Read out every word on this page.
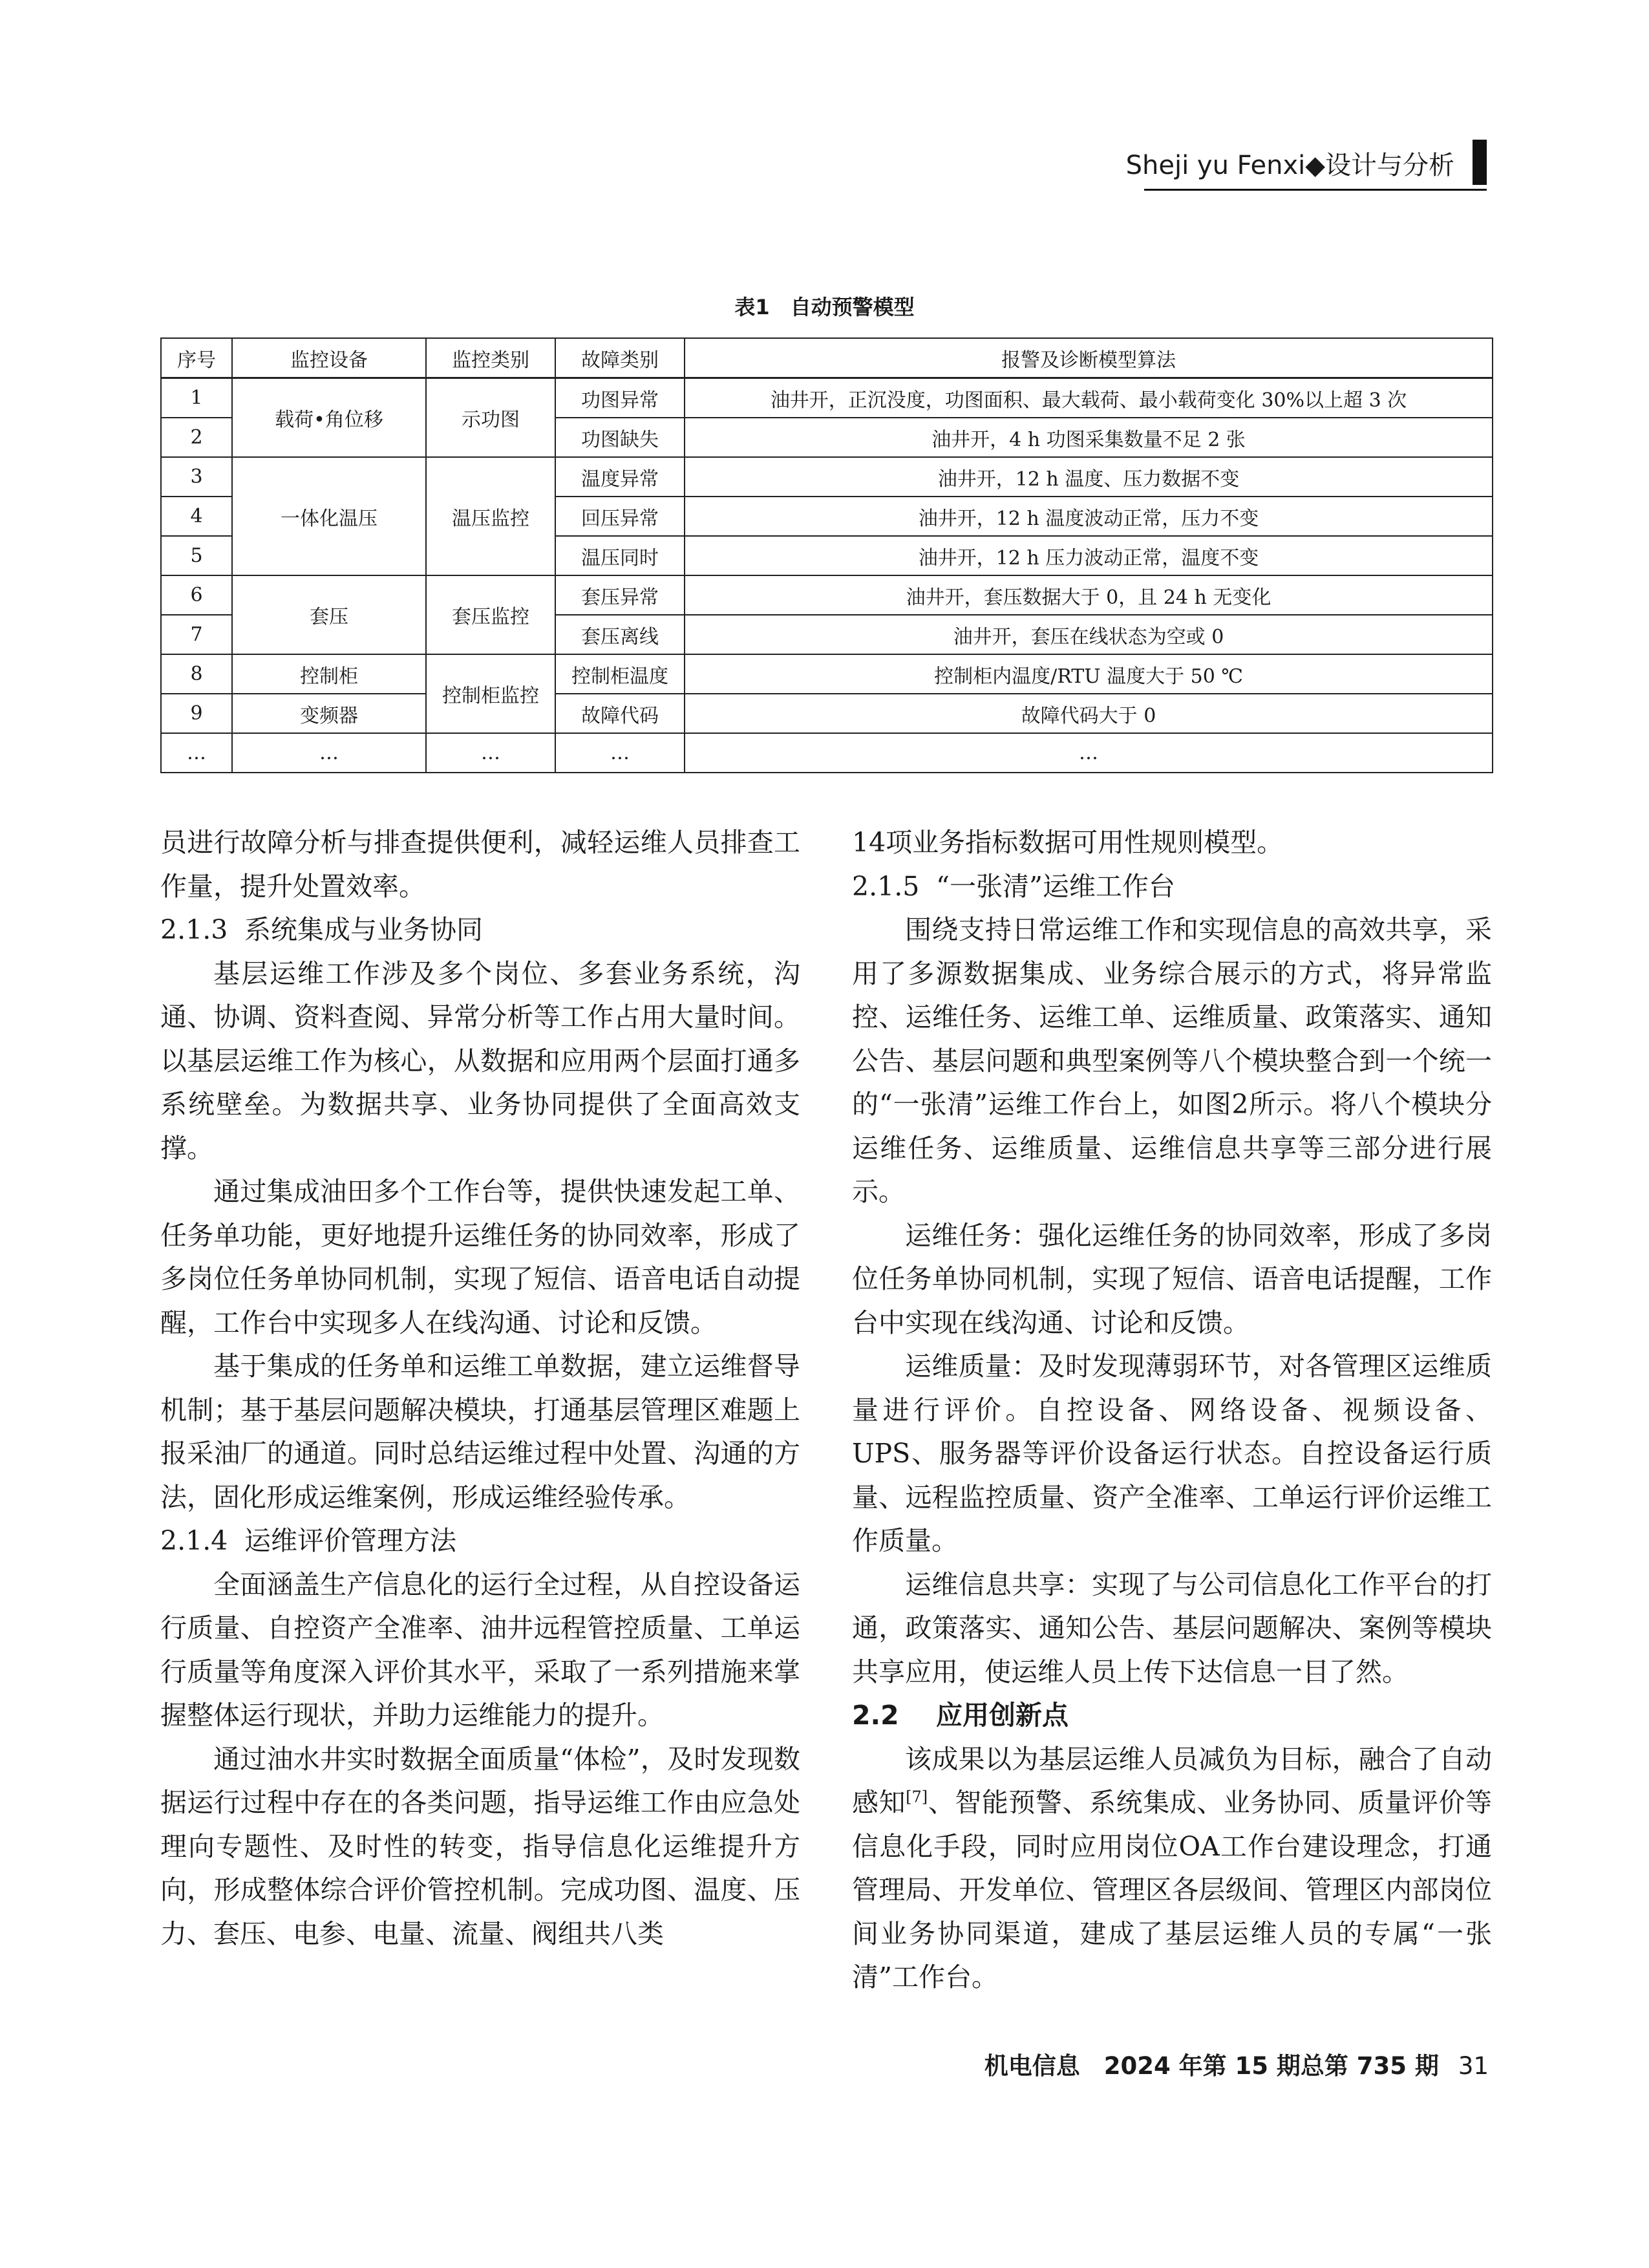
Sheji yu Fenxi◆设计与分析
表1　自动预警模型
序号	监控设备	监控类别	故障类别	报警及诊断模型算法
1	载荷•角位移	示功图	功图异常	油井开，正沉没度，功图面积、最大载荷、最小载荷变化 30%以上超 3 次
2			功图缺失	油井开，4 h 功图采集数量不足 2 张
3	一体化温压	温压监控	温度异常	油井开，12 h 温度、压力数据不变
4			回压异常	油井开，12 h 温度波动正常，压力不变
5			温压同时	油井开，12 h 压力波动正常，温度不变
6	套压	套压监控	套压异常	油井开，套压数据大于 0，且 24 h 无变化
7			套压离线	油井开，套压在线状态为空或 0
8	控制柜	控制柜监控	控制柜温度	控制柜内温度/RTU 温度大于 50 ℃
9	变频器		故障代码	故障代码大于 0
…	…	…	…	…

员进行故障分析与排查提供便利，减轻运维人员排查工作量，提升处置效率。

2.1.3 系统集成与业务协同

基层运维工作涉及多个岗位、多套业务系统，沟通、协调、资料查阅、异常分析等工作占用大量时间。以基层运维工作为核心，从数据和应用两个层面打通多系统壁垒。为数据共享、业务协同提供了全面高效支撑。

通过集成油田多个工作台等，提供快速发起工单、任务单功能，更好地提升运维任务的协同效率，形成了多岗位任务单协同机制，实现了短信、语音电话自动提醒，工作台中实现多人在线沟通、讨论和反馈。

基于集成的任务单和运维工单数据，建立运维督导机制；基于基层问题解决模块，打通基层管理区难题上报采油厂的通道。同时总结运维过程中处置、沟通的方法，固化形成运维案例，形成运维经验传承。

2.1.4 运维评价管理方法

全面涵盖生产信息化的运行全过程，从自控设备运行质量、自控资产全准率、油井远程管控质量、工单运行质量等角度深入评价其水平，采取了一系列措施来掌握整体运行现状，并助力运维能力的提升。

通过油水井实时数据全面质量“体检”，及时发现数据运行过程中存在的各类问题，指导运维工作由应急处理向专题性、及时性的转变，指导信息化运维提升方向，形成整体综合评价管控机制。完成功图、温度、压力、套压、电参、电量、流量、阀组共八类

14项业务指标数据可用性规则模型。

2.1.5 “一张清”运维工作台

围绕支持日常运维工作和实现信息的高效共享，采用了多源数据集成、业务综合展示的方式，将异常监控、运维任务、运维工单、运维质量、政策落实、通知公告、基层问题和典型案例等八个模块整合到一个统一的“一张清”运维工作台上，如图2所示。将八个模块分运维任务、运维质量、运维信息共享等三部分进行展示。

运维任务：强化运维任务的协同效率，形成了多岗位任务单协同机制，实现了短信、语音电话提醒，工作台中实现在线沟通、讨论和反馈。

运维质量：及时发现薄弱环节，对各管理区运维质量进行评价。自控设备、网络设备、视频设备、UPS、服务器等评价设备运行状态。自控设备运行质量、远程监控质量、资产全准率、工单运行评价运维工作质量。

运维信息共享：实现了与公司信息化工作平台的打通，政策落实、通知公告、基层问题解决、案例等模块共享应用，使运维人员上传下达信息一目了然。

2.2 应用创新点

该成果以为基层运维人员减负为目标，融合了自动感知[7]、智能预警、系统集成、业务协同、质量评价等信息化手段，同时应用岗位OA工作台建设理念，打通管理局、开发单位、管理区各层级间、管理区内部岗位间业务协同渠道，建成了基层运维人员的专属“一张清”工作台。

机电信息　2024 年第 15 期总第 735 期 31
